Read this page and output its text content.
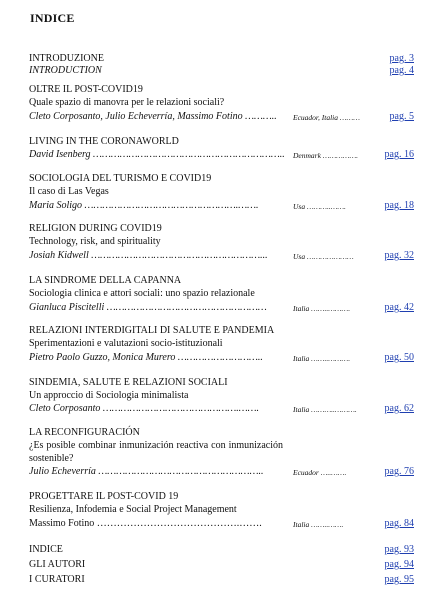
INDICE
INTRODUZIONE	pag. 3
INTRODUCTION	pag. 4
OLTRE IL POST-COVID19
Quale spazio di manovra per le relazioni sociali?
Cleto Corposanto, Julio Echeverría, Massimo Fotino ……….. Ecuador, Italia ………	pag. 5
LIVING IN THE CORONAWORLD
David Isenberg ……………………………………………………….. Denmark …………….	pag. 16
SOCIOLOGIA DEL TURISMO E COVID19
Il caso di Las Vegas
Maria Soligo …………………………………………….…….	Usa ………..…….	pag. 18
RELIGION DURING COVID19
Technology, risk, and spirituality
Josiah Kidwell …………………………………………………...	Usa …………………	pag. 32
LA SINDROME DELLA CAPANNA
Sociologia clinica e attori sociali: uno spazio relazionale
Gianluca Piscitelli ………………………………………………	Italia ……..……….	pag. 42
RELAZIONI INTERDIGITALI DI SALUTE E PANDEMIA
Sperimentazioni e valutazioni socio-istituzionali
Pietro Paolo Guzzo, Monica Murero ………………………..	Italia ……..……….	pag. 50
SINDEMIA, SALUTE E RELAZIONI SOCIALI
Un approccio di Sociologia minimalista
Cleto Corposanto ……………………………………….…….	Italia ………..……….	pag. 62
LA RECONFIGURACIÓN
¿Es posible combinar inmunización reactiva con inmunización sostenible?
Julio Echeverría ………………………………………………..	Ecuador …..…….	pag. 76
PROGETTARE IL POST-COVID 19
Resilienza, Infodemia e Social Project Management
Massimo Fotino …………………………………….…….	Italia ……..…….	pag. 84
INDICE	pag. 93
GLI AUTORI	pag. 94
I CURATORI	pag. 95
